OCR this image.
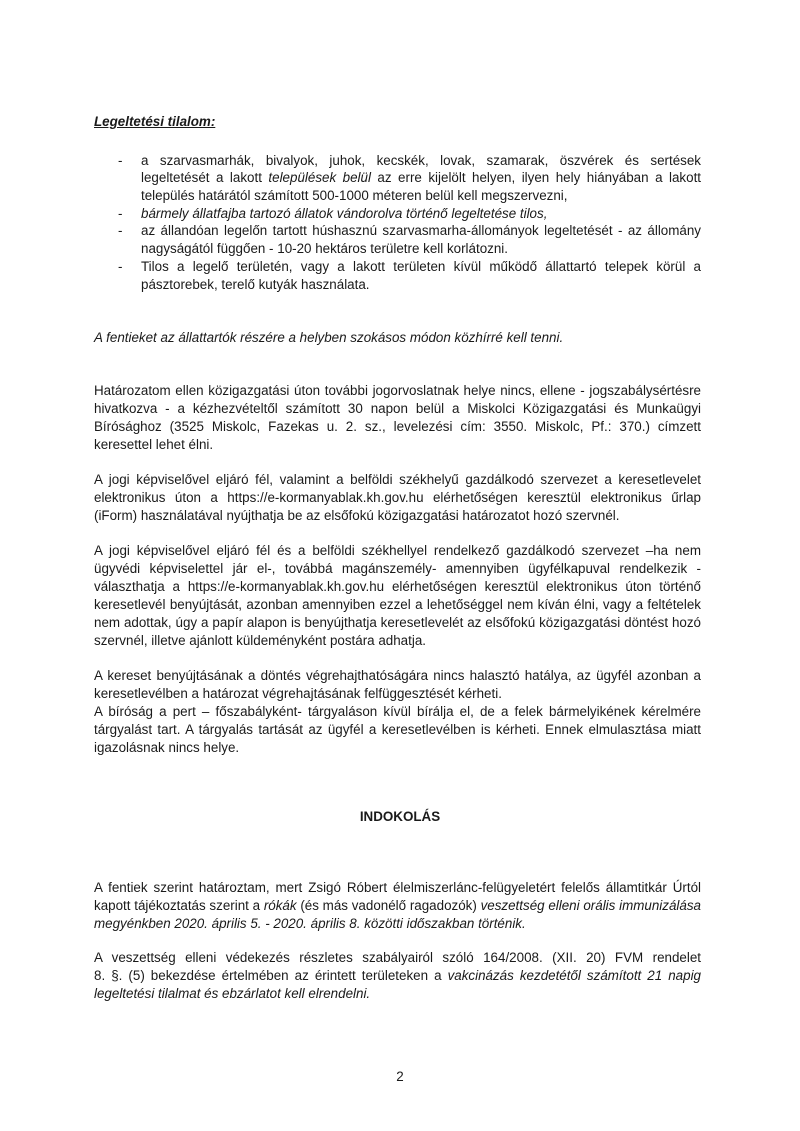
Legeltetési tilalom:
- a szarvasmarhák, bivalyok, juhok, kecskék, lovak, szamarak, öszvérek és sertések
legeltetését a lakott települések belül az erre kijelölt helyen, ilyen hely hiányában a lakott
település határától számított 500-1000 méteren belül kell megszervezni,
- bármely állatfajba tartozó állatok vándorolva történő legeltetése tilos,
- az állandóan legelőn tartott húshasznú szarvasmarha-állományok legeltetését - az állomány
nagyságától függően - 10-20 hektáros területre kell korlátozni.
- Tilos a legelő területén, vagy a lakott területen kívül működő állattartó telepek körül a
pásztorebek, terelő kutyák használata.
A fentieket az állattartók részére a helyben szokásos módon közhírré kell tenni.
Határozatom ellen közigazgatási úton további jogorvoslatnak helye nincs, ellene - jogszabálysértésre
hivatkozva - a kézhezvételtől számított 30 napon belül a Miskolci Közigazgatási és Munkaügyi
Bírósághoz (3525 Miskolc, Fazekas u. 2. sz., levelezési cím: 3550. Miskolc, Pf.: 370.) címzett
keresettel lehet élni.
A jogi képviselővel eljáró fél, valamint a belföldi székhelyű gazdálkodó szervezet a keresetlevelet
elektronikus úton a https://e-kormanyablak.kh.gov.hu elérhetőségen keresztül elektronikus űrlap
(iForm) használatával nyújthatja be az elsőfokú közigazgatási határozatot hozó szervnél.
A jogi képviselővel eljáró fél és a belföldi székhellyel rendelkező gazdálkodó szervezet –ha nem
ügyvédi képviselettel jár el-, továbbá magánszemély- amennyiben ügyfélkapuval rendelkezik -
választhatja a https://e-kormanyablak.kh.gov.hu elérhetőségen keresztül elektronikus úton történő
keresetlevél benyújtását, azonban amennyiben ezzel a lehetőséggel nem kíván élni, vagy a feltételek
nem adottak, úgy a papír alapon is benyújthatja keresetlevelét az elsőfokú közigazgatási döntést hozó
szervnél, illetve ajánlott küldeményként postára adhatja.
A kereset benyújtásának a döntés végrehajthatóságára nincs halasztó hatálya, az ügyfél azonban a
keresetlevélben a határozat végrehajtásának felfüggesztését kérheti.
A bíróság a pert – főszabályként- tárgyaláson kívül bírálja el, de a felek bármelyikének kérelmére
tárgyalást tart. A tárgyalás tartását az ügyfél a keresetlevélben is kérheti. Ennek elmulasztása miatt
igazolásnak nincs helye.
INDOKOLÁS
A fentiek szerint határoztam, mert Zsigó Róbert élelmiszerlánc-felügyeletért felelős államtitkár Úrtól
kapott tájékoztatás szerint a rókák (és más vadonélő ragadozók) veszettség elleni orális immunizálása
megyénkben 2020. április 5. - 2020. április 8. közötti időszakban történik.
A veszettség elleni védekezés részletes szabályairól szóló 164/2008. (XII. 20) FVM rendelet
8. §. (5) bekezdése értelmében az érintett területeken a vakcinázás kezdetétől számított 21 napig
legeltetési tilalmat és ebzárlatot kell elrendelni.
2
